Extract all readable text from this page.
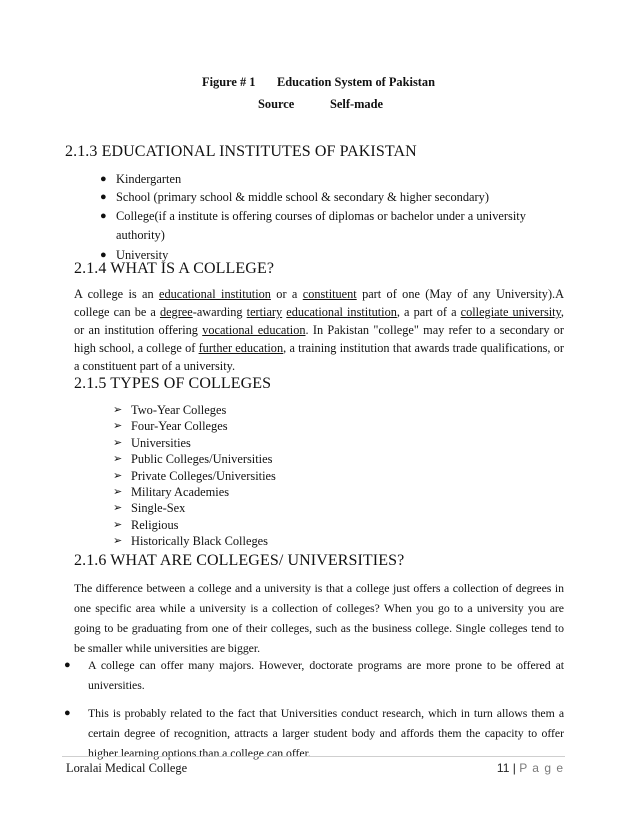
Figure # 1 Education System of Pakistan
Source	Self-made
2.1.3 EDUCATIONAL INSTITUTES OF PAKISTAN
● Kindergarten
● School (primary school & middle school & secondary & higher secondary)
● College(if a institute is offering courses of diplomas or bachelor under a university
authority)
● University
2.1.4 WHAT IS A COLLEGE?

A college is an educational institution or a constituent part of one (May of any University).A college can be a degree-awarding tertiary educational institution, a part of a collegiate university, or an institution offering vocational education. In Pakistan "college" may refer to a secondary or high school, a college of further education, a training institution that awards trade qualifications, or a constituent part of a university.

2.1.5 TYPES OF COLLEGES
➢ Two-Year Colleges
➢ Four-Year Colleges
➢ Universities
➢ Public Colleges/Universities
➢ Private Colleges/Universities
➢ Military Academies
➢ Single-Sex
➢ Religious
➢ Historically Black Colleges
2.1.6 WHAT ARE COLLEGES/ UNIVERSITIES?

The difference between a college and a university is that a college just offers a collection of degrees in one specific area while a university is a collection of colleges? When you go to a university you are going to be graduating from one of their colleges, such as the business college. Single colleges tend to be smaller while universities are bigger.

● A college can offer many majors. However, doctorate programs are more prone to be offered at universities.
● This is probably related to the fact that Universities conduct research, which in turn allows them a certain degree of recognition, attracts a larger student body and affords them the capacity to offer higher learning options than a college can offer.
Loralai Medical College	11 | P a g e
